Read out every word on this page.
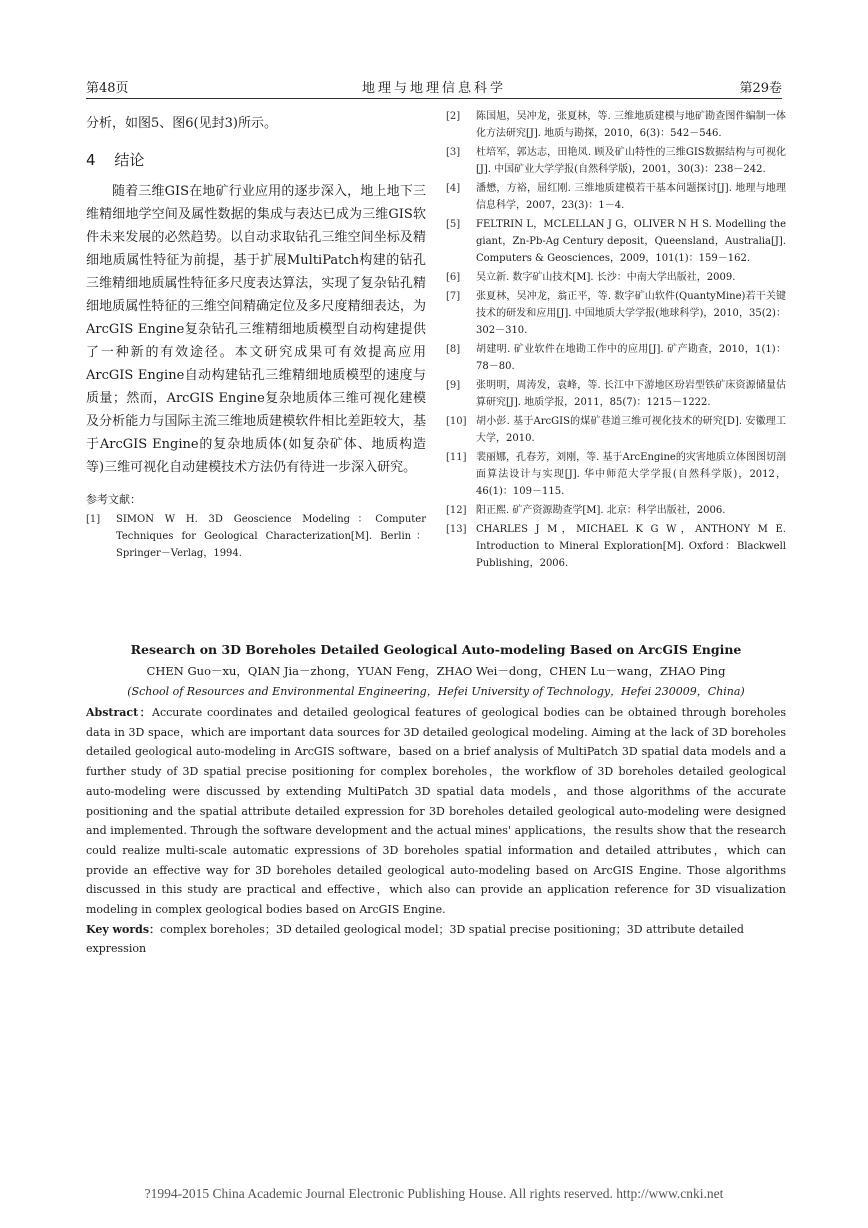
第48页	地理与地理信息科学	第29卷

分析，如图5、图6(见封3)所示。

4 结论

随着三维GIS在地矿行业应用的逐步深入，地上地下三维精细地学空间及属性数据的集成与表达已成为三维GIS软件未来发展的必然趋势。以自动求取钻孔三维空间坐标及精细地质属性特征为前提，基于扩展MultiPatch构建的钻孔三维精细地质属性特征多尺度表达算法，实现了复杂钻孔精细地质属性特征的三维空间精确定位及多尺度精细表达，为ArcGIS Engine复杂钻孔三维精细地质模型自动构建提供了一种新的有效途径。本文研究成果可有效提高应用ArcGIS Engine自动构建钻孔三维精细地质模型的速度与质量；然而，ArcGIS Engine复杂地质体三维可视化建模及分析能力与国际主流三维地质建模软件相比差距较大，基于ArcGIS Engine的复杂地质体(如复杂矿体、地质构造等)三维可视化自动建模技术方法仍有待进一步深入研究。

参考文献：
[1]	SIMON W H. 3D Geoscience Modeling：Computer Techniques for Geological Characterization[M]. Berlin：Springer－Verlag，1994.
[2]	陈国旭，吴冲龙，张夏林，等. 三维地质建模与地矿勘查图件编制一体化方法研究[J]. 地质与勘探，2010，6(3)：542－546.
[3]	杜培军，郭达志，田艳凤. 顾及矿山特性的三维GIS数据结构与可视化[J]. 中国矿业大学学报(自然科学版)，2001，30(3)：238－242.
[4]	潘懋，方裕，屈红刚. 三维地质建模若干基本问题探讨[J]. 地理与地理信息科学，2007，23(3)：1－4.
[5]	FELTRIN L，MCLELLAN J G，OLIVER N H S. Modelling the giant，Zn-Pb-Ag Century deposit，Queensland，Australia[J]. Computers & Geosciences，2009，101(1)：159－162.
[6]	吴立新. 数字矿山技术[M]. 长沙：中南大学出版社，2009.
[7]	张夏林，吴冲龙，翁正平，等. 数字矿山软件(QuantyMine)若干关键技术的研发和应用[J]. 中国地质大学学报(地球科学)，2010，35(2)：302－310.
[8]	胡建明. 矿业软件在地勘工作中的应用[J]. 矿产勘查，2010，1(1)：78－80.
[9]	张明明，周涛发，袁峰，等. 长江中下游地区玢岩型铁矿床资源储量估算研究[J]. 地质学报，2011，85(7)：1215－1222.
[10] 胡小彭. 基于ArcGIS的煤矿巷道三维可视化技术的研究[D]. 安徽理工大学，2010.
[11] 裴丽娜，孔春芳，刘刚，等. 基于ArcEngine的灾害地质立体图图切剖面算法设计与实现[J]. 华中师范大学学报(自然科学版)，2012，46(1)：109－115.
[12] 阳正熙. 矿产资源勘查学[M]. 北京：科学出版社，2006.
[13] CHARLES J M，MICHAEL K G W，ANTHONY M E. Introduction to Mineral Exploration[M]. Oxford：Blackwell Publishing，2006.

Research on 3D Boreholes Detailed Geological Auto-modeling Based on ArcGIS Engine

CHEN Guo－xu，QIAN Jia－zhong，YUAN Feng，ZHAO Wei－dong，CHEN Lu－wang，ZHAO Ping

(School of Resources and Environmental Engineering，Hefei University of Technology，Hefei 230009，China)

Abstract：Accurate coordinates and detailed geological features of geological bodies can be obtained through boreholes data in 3D space，which are important data sources for 3D detailed geological modeling. Aiming at the lack of 3D boreholes detailed geological auto-modeling in ArcGIS software，based on a brief analysis of MultiPatch 3D spatial data models and a further study of 3D spatial precise positioning for complex boreholes，the workflow of 3D boreholes detailed geological auto-modeling were discussed by extending MultiPatch 3D spatial data models，and those algorithms of the accurate positioning and the spatial attribute detailed expression for 3D boreholes detailed geological auto-modeling were designed and implemented. Through the software development and the actual mines' applications，the results show that the research could realize multi-scale automatic expressions of 3D boreholes spatial information and detailed attributes，which can provide an effective way for 3D boreholes detailed geological auto-modeling based on ArcGIS Engine. Those algorithms discussed in this study are practical and effective，which also can provide an application reference for 3D visualization modeling in complex geological bodies based on ArcGIS Engine.

Key words：complex boreholes；3D detailed geological model；3D spatial precise positioning；3D attribute detailed expression

?1994-2015 China Academic Journal Electronic Publishing House. All rights reserved. http://www.cnki.net
